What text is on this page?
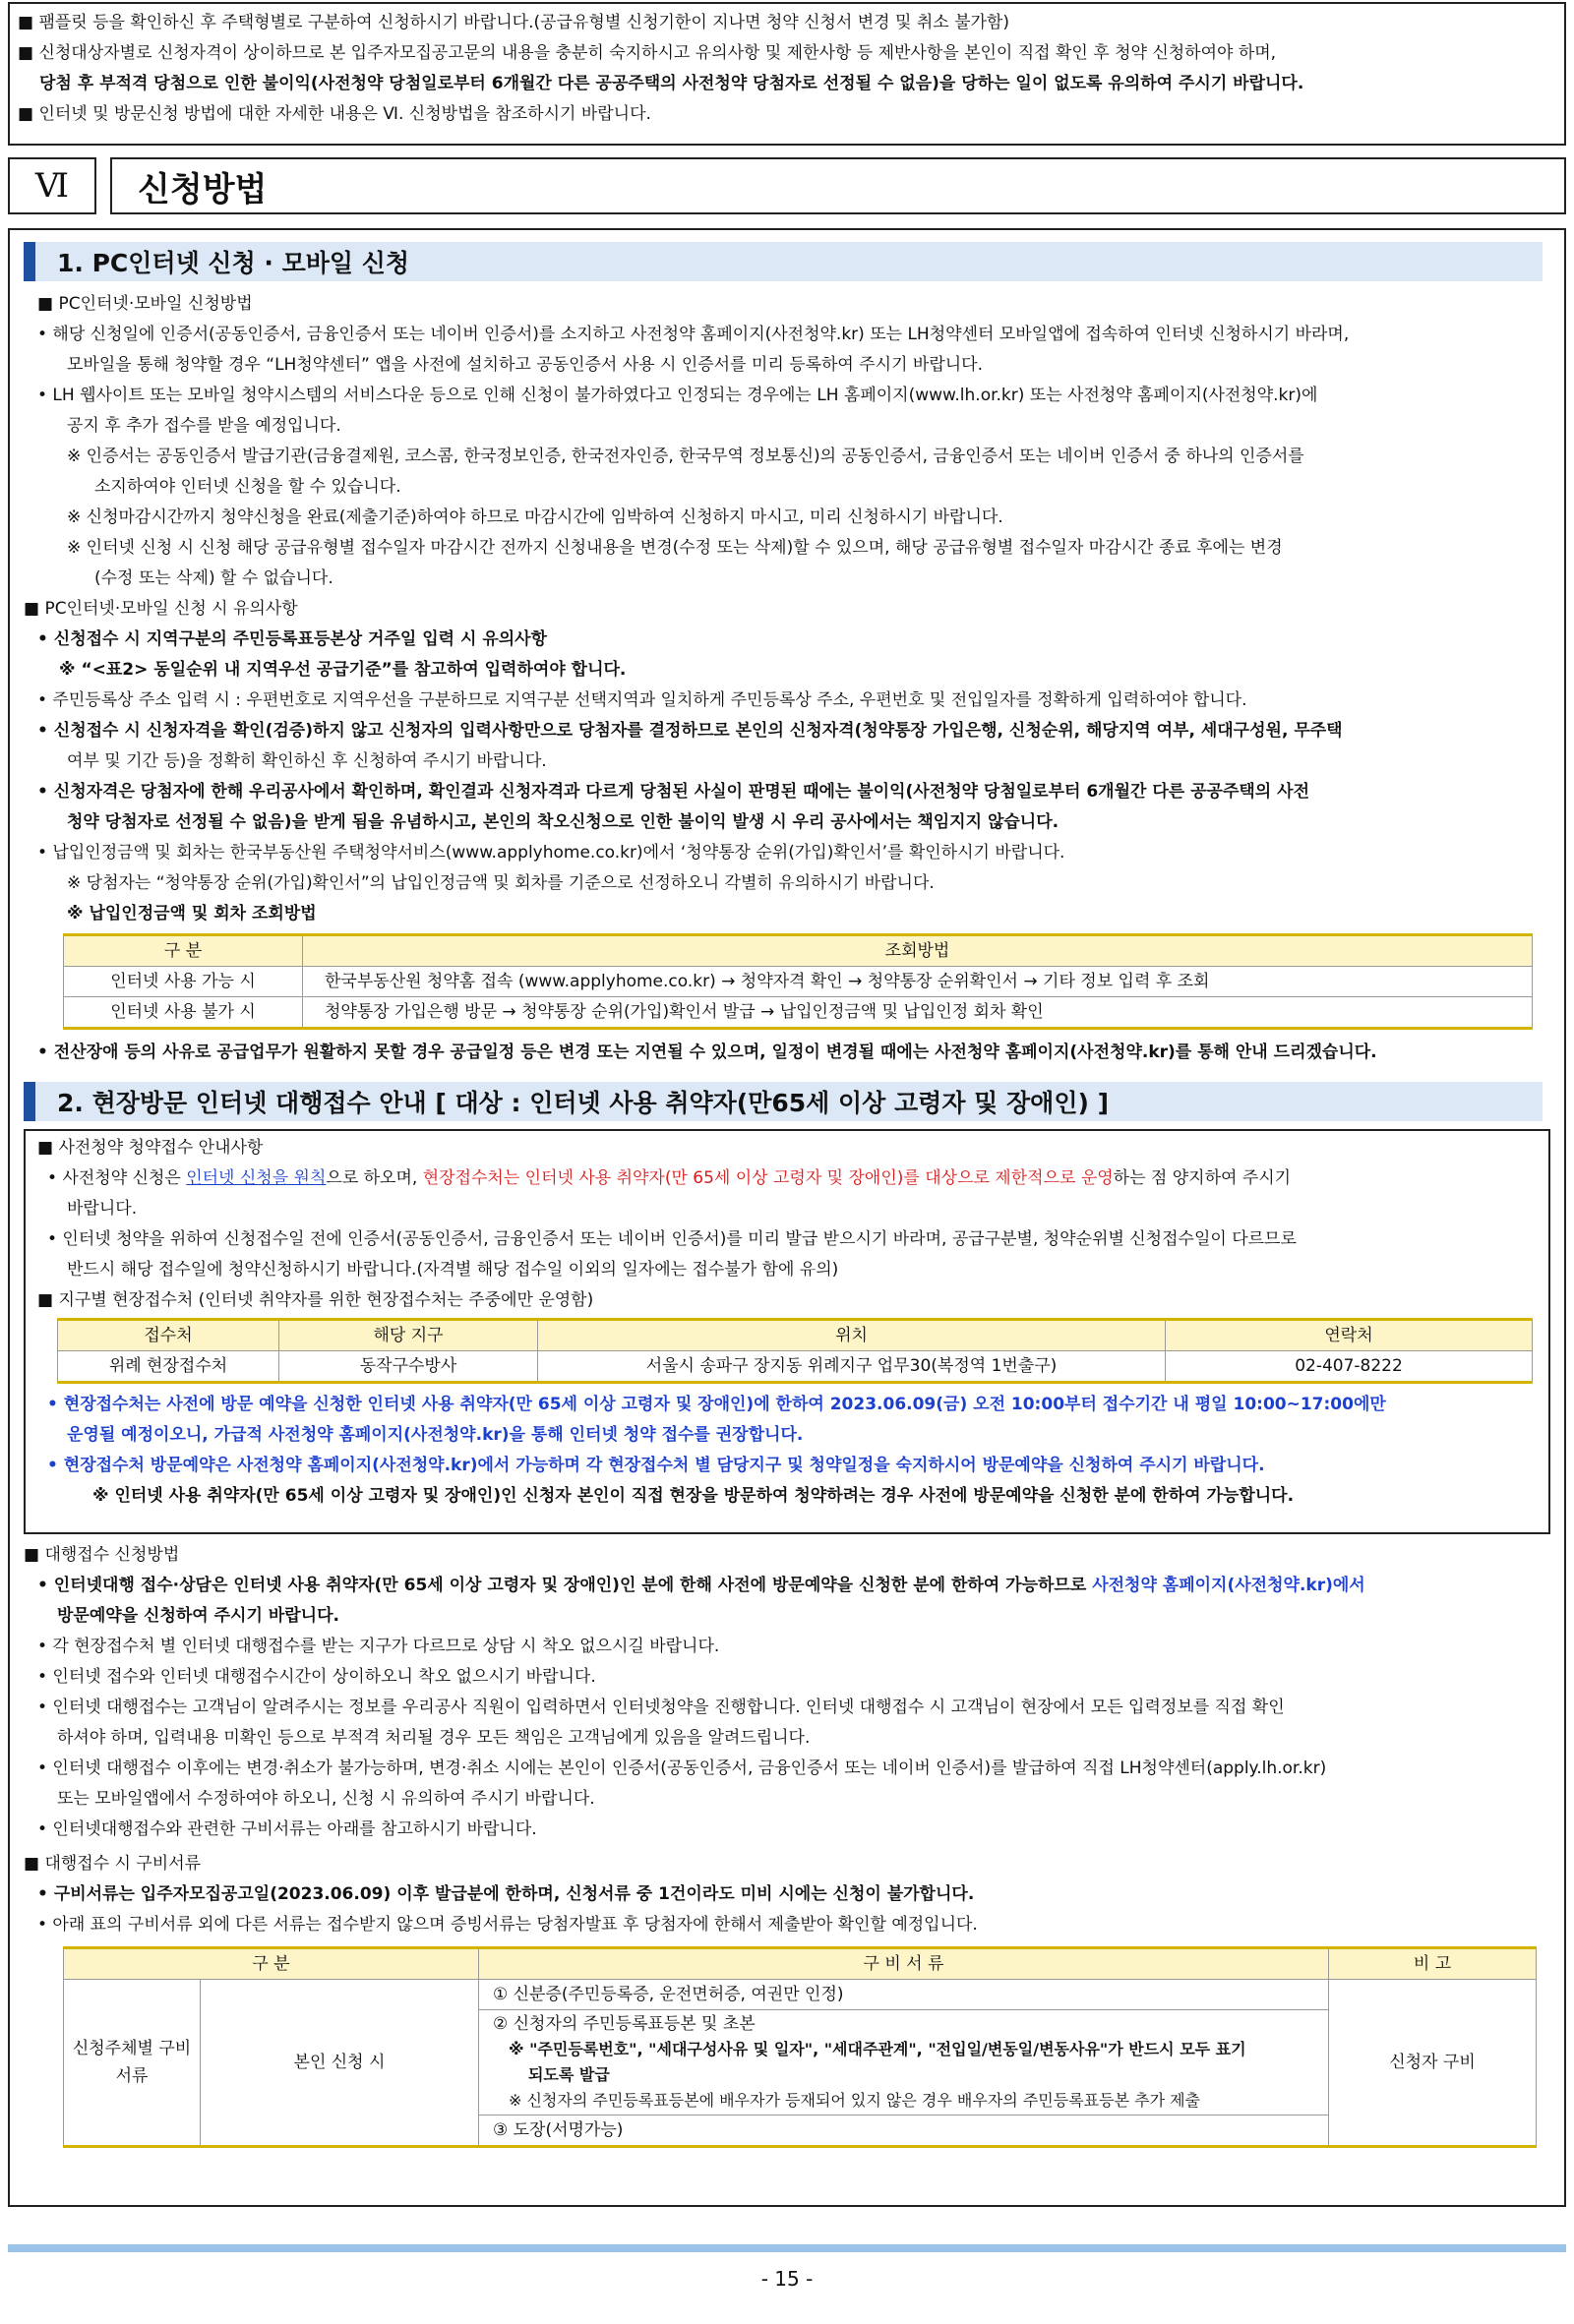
■ 팸플릿 등을 확인하신 후 주택형별로 구분하여 신청하시기 바랍니다.(공급유형별 신청기한이 지나면 청약 신청서 변경 및 취소 불가함)

■ 신청대상자별로 신청자격이 상이하므로 본 입주자모집공고문의 내용을 충분히 숙지하시고 유의사항 및 제한사항 등 제반사항을 본인이 직접 확인 후 청약 신청하여야 하며,

당첨 후 부적격 당첨으로 인한 불이익(사전청약 당첨일로부터 6개월간 다른 공공주택의 사전청약 당첨자로 선정될 수 없음)을 당하는 일이 없도록 유의하여 주시기 바랍니다.

■ 인터넷 및 방문신청 방법에 대한 자세한 내용은 Ⅵ. 신청방법을 참조하시기 바랍니다.

Ⅵ	신청방법
1. PC인터넷 신청 · 모바일 신청

■ PC인터넷·모바일 신청방법

• 해당 신청일에 인증서(공동인증서, 금융인증서 또는 네이버 인증서)를 소지하고 사전청약 홈페이지(사전청약.kr) 또는 LH청약센터 모바일앱에 접속하여 인터넷 신청하시기 바라며,

모바일을 통해 청약할 경우 “LH청약센터” 앱을 사전에 설치하고 공동인증서 사용 시 인증서를 미리 등록하여 주시기 바랍니다.

• LH 웹사이트 또는 모바일 청약시스템의 서비스다운 등으로 인해 신청이 불가하였다고 인정되는 경우에는 LH 홈페이지(www.lh.or.kr) 또는 사전청약 홈페이지(사전청약.kr)에

공지 후 추가 접수를 받을 예정입니다.

※ 인증서는 공동인증서 발급기관(금융결제원, 코스콤, 한국정보인증, 한국전자인증, 한국무역 정보통신)의 공동인증서, 금융인증서 또는 네이버 인증서 중 하나의 인증서를

소지하여야 인터넷 신청을 할 수 있습니다.

※ 신청마감시간까지 청약신청을 완료(제출기준)하여야 하므로 마감시간에 임박하여 신청하지 마시고, 미리 신청하시기 바랍니다.

※ 인터넷 신청 시 신청 해당 공급유형별 접수일자 마감시간 전까지 신청내용을 변경(수정 또는 삭제)할 수 있으며, 해당 공급유형별 접수일자 마감시간 종료 후에는 변경

(수정 또는 삭제) 할 수 없습니다.

■ PC인터넷·모바일 신청 시 유의사항

• 신청접수 시 지역구분의 주민등록표등본상 거주일 입력 시 유의사항

※ “<표2> 동일순위 내 지역우선 공급기준”를 참고하여 입력하여야 합니다.

• 주민등록상 주소 입력 시 : 우편번호로 지역우선을 구분하므로 지역구분 선택지역과 일치하게 주민등록상 주소, 우편번호 및 전입일자를 정확하게 입력하여야 합니다.

• 신청접수 시 신청자격을 확인(검증)하지 않고 신청자의 입력사항만으로 당첨자를 결정하므로 본인의 신청자격(청약통장 가입은행, 신청순위, 해당지역 여부, 세대구성원, 무주택

여부 및 기간 등)을 정확히 확인하신 후 신청하여 주시기 바랍니다.

• 신청자격은 당첨자에 한해 우리공사에서 확인하며, 확인결과 신청자격과 다르게 당첨된 사실이 판명된 때에는 불이익(사전청약 당첨일로부터 6개월간 다른 공공주택의 사전

청약 당첨자로 선정될 수 없음)을 받게 됨을 유념하시고, 본인의 착오신청으로 인한 불이익 발생 시 우리 공사에서는 책임지지 않습니다.

• 납입인정금액 및 회차는 한국부동산원 주택청약서비스(www.applyhome.co.kr)에서 ‘청약통장 순위(가입)확인서’를 확인하시기 바랍니다.

※ 당첨자는 “청약통장 순위(가입)확인서”의 납입인정금액 및 회차를 기준으로 선정하오니 각별히 유의하시기 바랍니다.

※ 납입인정금액 및 회차 조회방법

구 분	조회방법
인터넷 사용 가능 시	한국부동산원 청약홈 접속 (www.applyhome.co.kr) → 청약자격 확인 → 청약통장 순위확인서 → 기타 정보 입력 후 조회
인터넷 사용 불가 시	청약통장 가입은행 방문 → 청약통장 순위(가입)확인서 발급 → 납입인정금액 및 납입인정 회차 확인

• 전산장애 등의 사유로 공급업무가 원활하지 못할 경우 공급일정 등은 변경 또는 지연될 수 있으며, 일정이 변경될 때에는 사전청약 홈페이지(사전청약.kr)를 통해 안내 드리겠습니다.

2. 현장방문 인터넷 대행접수 안내 [ 대상 : 인터넷 사용 취약자(만65세 이상 고령자 및 장애인) ]

■ 사전청약 청약접수 안내사항

• 사전청약 신청은 인터넷 신청을 원칙으로 하오며, 현장접수처는 인터넷 사용 취약자(만 65세 이상 고령자 및 장애인)를 대상으로 제한적으로 운영하는 점 양지하여 주시기

바랍니다.

• 인터넷 청약을 위하여 신청접수일 전에 인증서(공동인증서, 금융인증서 또는 네이버 인증서)를 미리 발급 받으시기 바라며, 공급구분별, 청약순위별 신청접수일이 다르므로

반드시 해당 접수일에 청약신청하시기 바랍니다.(자격별 해당 접수일 이외의 일자에는 접수불가 함에 유의)

■ 지구별 현장접수처 (인터넷 취약자를 위한 현장접수처는 주중에만 운영함)

접수처	해당 지구	위치	연락처
위례 현장접수처	동작구수방사	서울시 송파구 장지동 위례지구 업무30(복정역 1번출구)	02-407-8222

• 현장접수처는 사전에 방문 예약을 신청한 인터넷 사용 취약자(만 65세 이상 고령자 및 장애인)에 한하여 2023.06.09(금) 오전 10:00부터 접수기간 내 평일 10:00~17:00에만

운영될 예정이오니, 가급적 사전청약 홈페이지(사전청약.kr)을 통해 인터넷 청약 접수를 권장합니다.

• 현장접수처 방문예약은 사전청약 홈페이지(사전청약.kr)에서 가능하며 각 현장접수처 별 담당지구 및 청약일정을 숙지하시어 방문예약을 신청하여 주시기 바랍니다.

※ 인터넷 사용 취약자(만 65세 이상 고령자 및 장애인)인 신청자 본인이 직접 현장을 방문하여 청약하려는 경우 사전에 방문예약을 신청한 분에 한하여 가능합니다.

■ 대행접수 신청방법

• 인터넷대행 접수·상담은 인터넷 사용 취약자(만 65세 이상 고령자 및 장애인)인 분에 한해 사전에 방문예약을 신청한 분에 한하여 가능하므로 사전청약 홈페이지(사전청약.kr)에서

방문예약을 신청하여 주시기 바랍니다.

• 각 현장접수처 별 인터넷 대행접수를 받는 지구가 다르므로 상담 시 착오 없으시길 바랍니다.

• 인터넷 접수와 인터넷 대행접수시간이 상이하오니 착오 없으시기 바랍니다.

• 인터넷 대행접수는 고객님이 알려주시는 정보를 우리공사 직원이 입력하면서 인터넷청약을 진행합니다. 인터넷 대행접수 시 고객님이 현장에서 모든 입력정보를 직접 확인

하셔야 하며, 입력내용 미확인 등으로 부적격 처리될 경우 모든 책임은 고객님에게 있음을 알려드립니다.

• 인터넷 대행접수 이후에는 변경·취소가 불가능하며, 변경·취소 시에는 본인이 인증서(공동인증서, 금융인증서 또는 네이버 인증서)를 발급하여 직접 LH청약센터(apply.lh.or.kr)

또는 모바일앱에서 수정하여야 하오니, 신청 시 유의하여 주시기 바랍니다.

• 인터넷대행접수와 관련한 구비서류는 아래를 참고하시기 바랍니다.

■ 대행접수 시 구비서류

• 구비서류는 입주자모집공고일(2023.06.09) 이후 발급분에 한하며, 신청서류 중 1건이라도 미비 시에는 신청이 불가합니다.

• 아래 표의 구비서류 외에 다른 서류는 접수받지 않으며 증빙서류는 당첨자발표 후 당첨자에 한해서 제출받아 확인할 예정입니다.

구 분		구 비 서 류	비 고
신청주체별 구비서류	본인 신청 시	① 신분증(주민등록증, 운전면허증, 여권만 인정)	신청자 구비

		② 신청자의 주민등록표등본 및 초본
※ "주민등록번호", "세대구성사유 및 일자", "세대주관계", "전입일/변동일/변동사유"가 반드시 모두 표기
되도록 발급
※ 신청자의 주민등록표등본에 배우자가 등재되어 있지 않은 경우 배우자의 주민등록표등본 추가 제출	

		③ 도장(서명가능)	
- 15 -
